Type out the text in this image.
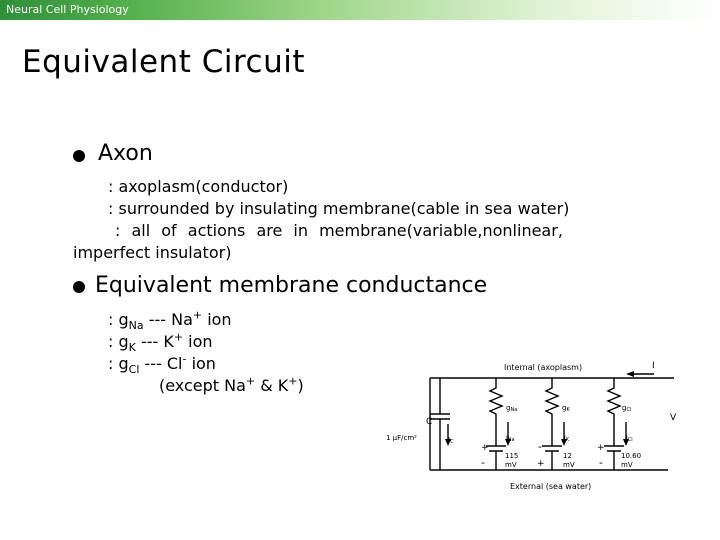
Neural Cell Physiology
Equivalent Circuit
Axon
: axoplasm(conductor)
: surrounded by insulating membrane(cable in sea water)
: all of actions are in membrane(variable,nonlinear,
imperfect insulator)
Equivalent membrane conductance
: $g_{Na}$ --- Na+ ion
: $g_K$ --- K+ ion
: $g_{Cl}$ --- Cl- ion
(except Na+ & K+)
Internal (axoplasm)	I
V
C
1 μF/cm²	IC
gNa	gK	gCl
INa	IK	ICl
+
-	+
-	+
-
115
mV
12
mV
10.60
mV
External (sea water)
